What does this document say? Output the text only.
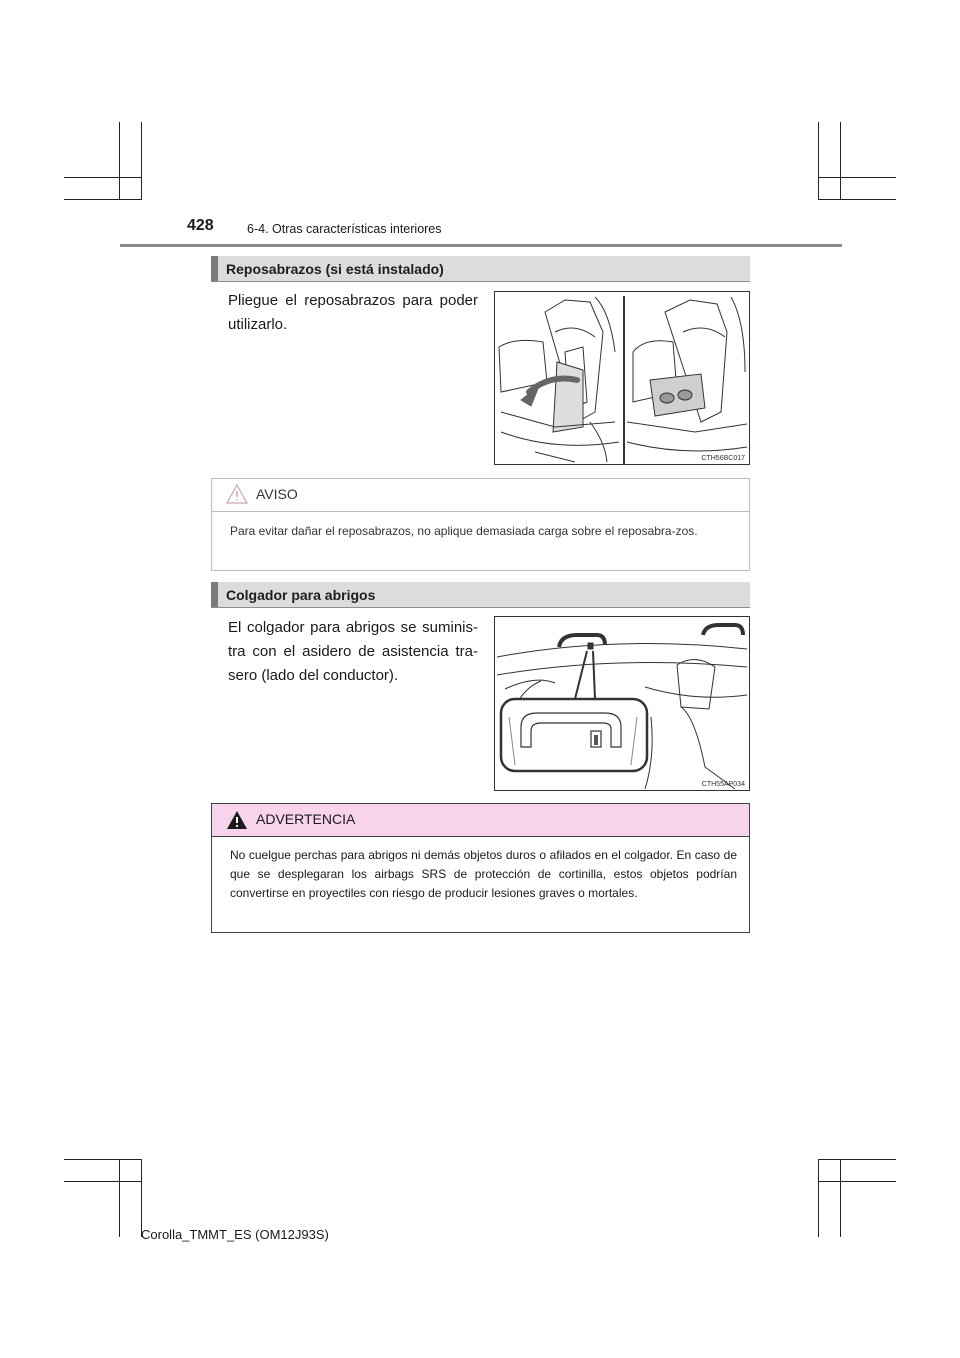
428	6-4. Otras características interiores
Reposabrazos (si está instalado)
Pliegue el reposabrazos para poder utilizarlo.
CTH56BC017
AVISO
Para evitar dañar el reposabrazos, no aplique demasiada carga sobre el reposabra-zos.
Colgador para abrigos
El colgador para abrigos se suminis-tra con el asidero de asistencia tra-sero (lado del conductor).
CTH55AP034
ADVERTENCIA
No cuelgue perchas para abrigos ni demás objetos duros o afilados en el colgador. En caso de que se desplegaran los airbags SRS de protección de cortinilla, estos objetos podrían convertirse en proyectiles con riesgo de producir lesiones graves o mortales.
Corolla_TMMT_ES (OM12J93S)
